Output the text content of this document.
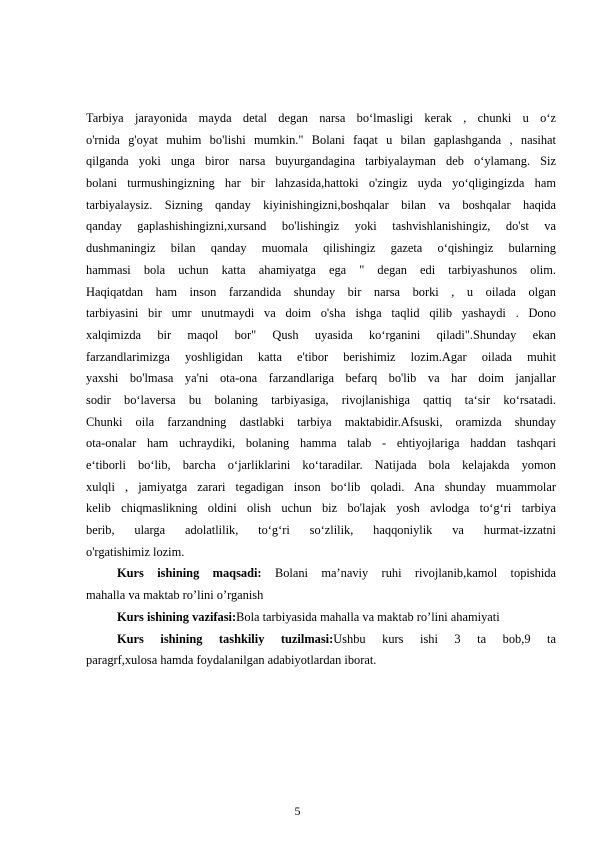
Tarbiya jarayonida mayda detal degan narsa bo‘lmasligi kerak , chunki u o‘z
o'rnida g'oyat muhim bo'lishi mumkin." Bolani faqat u bilan gaplashganda , nasihat
qilganda yoki unga biror narsa buyurgandagina tarbiyalayman deb o‘ylamang. Siz
bolani turmushingizning har bir lahzasida,hattoki o'zingiz uyda yo‘qligingizda ham
tarbiyalaysiz. Sizning qanday kiyinishingizni,boshqalar bilan va boshqalar haqida
qanday gaplashishingizni,xursand bo'lishingiz yoki tashvishlanishingiz, do'st va
dushmaningiz bilan qanday muomala qilishingiz gazeta o‘qishingiz bularning
hammasi bola uchun katta ahamiyatga ega " degan edi tarbiyashunos olim.
Haqiqatdan ham inson farzandida shunday bir narsa borki , u oilada olgan
tarbiyasini bir umr unutmaydi va doim o'sha ishga taqlid qilib yashaydi . Dono
xalqimizda bir maqol bor" Qush uyasida ko‘rganini qiladi".Shunday ekan
farzandlarimizga yoshligidan katta e'tibor berishimiz lozim.Agar oilada muhit
yaxshi bo'lmasa ya'ni ota-ona farzandlariga befarq bo'lib va har doim janjallar
sodir bo‘laversa bu bolaning tarbiyasiga, rivojlanishiga qattiq ta‘sir ko‘rsatadi.
Chunki oila farzandning dastlabki tarbiya maktabidir.Afsuski, oramizda shunday
ota-onalar ham uchraydiki, bolaning hamma talab - ehtiyojlariga haddan tashqari
e‘tiborli bo‘lib, barcha o‘jarliklarini ko‘taradilar. Natijada bola kelajakda yomon
xulqli , jamiyatga zarari tegadigan inson bo‘lib qoladi. Ana shunday muammolar
kelib chiqmaslikning oldini olish uchun biz bo'lajak yosh avlodga to‘g‘ri tarbiya
berib, ularga adolatlilik, to‘g‘ri so‘zlilik, haqqoniylik va hurmat-izzatni
o'rgatishimiz lozim.
Kurs ishining maqsadi: Bolani ma’naviy ruhi rivojlanib,kamol topishida
mahalla va maktab ro’lini o’rganish
Kurs ishining vazifasi:Bola tarbiyasida mahalla va maktab ro’lini ahamiyati
Kurs ishining tashkiliy tuzilmasi:Ushbu kurs ishi 3 ta bob,9 ta
paragrf,xulosa hamda foydalanilgan adabiyotlardan iborat.
5
